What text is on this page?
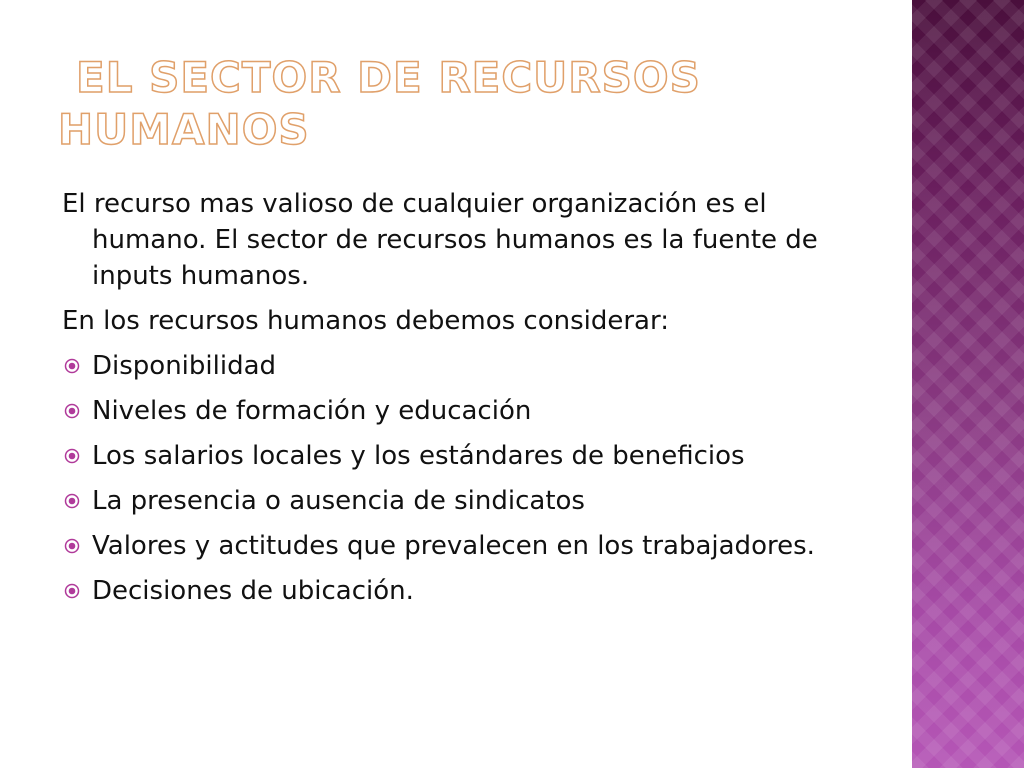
EL SECTOR DE RECURSOS
HUMANOS

El recurso mas valioso de cualquier organización es el humano. El sector de recursos humanos es la fuente de inputs humanos.

En los recursos humanos debemos considerar:

Disponibilidad
Niveles de formación y educación
Los salarios locales y los estándares de beneficios
La presencia o ausencia de sindicatos
Valores y actitudes que prevalecen en los trabajadores.
Decisiones de ubicación.
